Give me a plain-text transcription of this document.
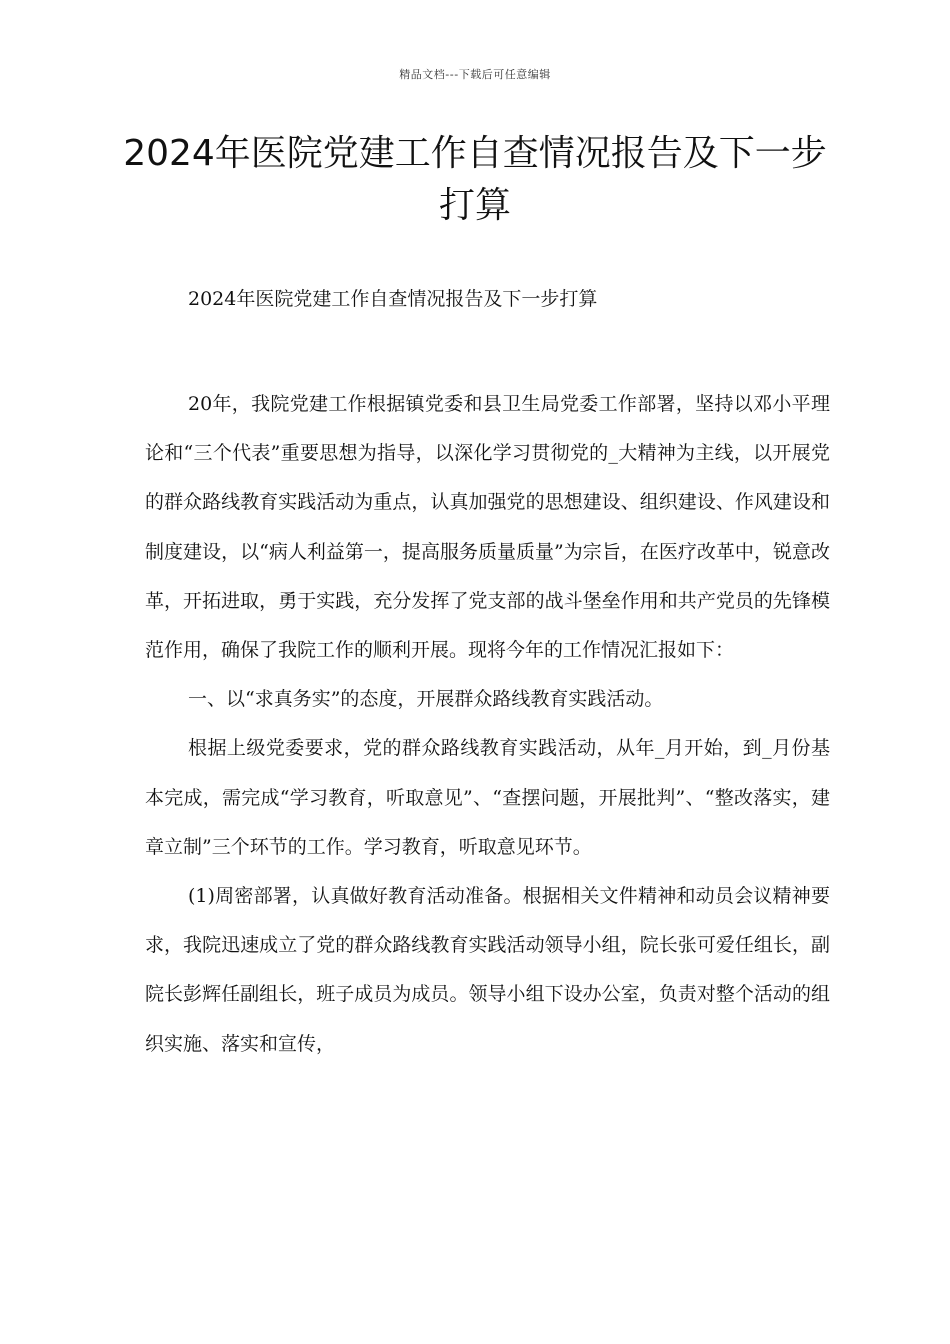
精品文档---下载后可任意编辑
2024年医院党建工作自查情况报告及下一步打算
2024年医院党建工作自查情况报告及下一步打算

20年，我院党建工作根据镇党委和县卫生局党委工作部署，坚持以邓小平理论和“三个代表”重要思想为指导，以深化学习贯彻党的_大精神为主线，以开展党的群众路线教育实践活动为重点，认真加强党的思想建设、组织建设、作风建设和制度建设，以“病人利益第一，提高服务质量质量”为宗旨，在医疗改革中，锐意改革，开拓进取，勇于实践，充分发挥了党支部的战斗堡垒作用和共产党员的先锋模范作用，确保了我院工作的顺利开展。现将今年的工作情况汇报如下：

一、以“求真务实”的态度，开展群众路线教育实践活动。

根据上级党委要求，党的群众路线教育实践活动，从年_月开始，到_月份基本完成，需完成“学习教育，听取意见”、“查摆问题，开展批判”、“整改落实，建章立制”三个环节的工作。学习教育，听取意见环节。

(1)周密部署，认真做好教育活动准备。根据相关文件精神和动员会议精神要求，我院迅速成立了党的群众路线教育实践活动领导小组，院长张可爱任组长，副院长彭辉任副组长，班子成员为成员。领导小组下设办公室，负责对整个活动的组织实施、落实和宣传，
